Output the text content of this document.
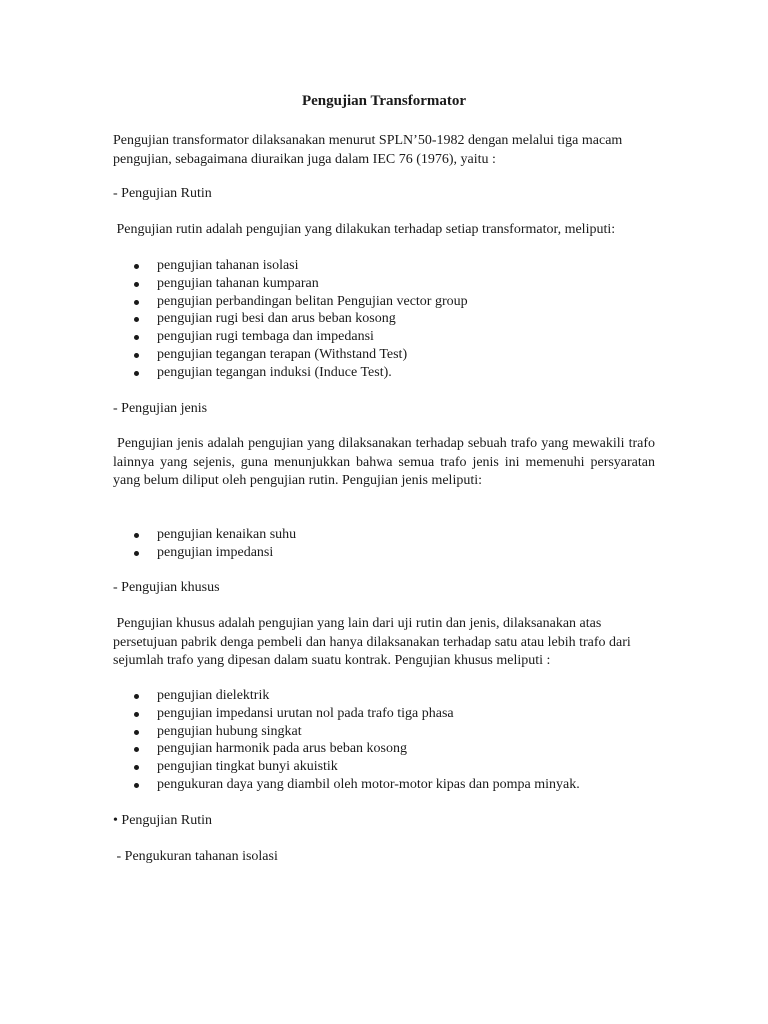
Pengujian Transformator

Pengujian transformator dilaksanakan menurut SPLN’50-1982 dengan melalui tiga macam pengujian, sebagaimana diuraikan juga dalam IEC 76 (1976), yaitu :

- Pengujian Rutin

Pengujian rutin adalah pengujian yang dilakukan terhadap setiap transformator, meliputi:

pengujian tahanan isolasi
pengujian tahanan kumparan
pengujian perbandingan belitan Pengujian vector group
pengujian rugi besi dan arus beban kosong
pengujian rugi tembaga dan impedansi
pengujian tegangan terapan (Withstand Test)
pengujian tegangan induksi (Induce Test).

- Pengujian jenis

Pengujian jenis adalah pengujian yang dilaksanakan terhadap sebuah trafo yang mewakili trafo lainnya yang sejenis, guna menunjukkan bahwa semua trafo jenis ini memenuhi persyaratan yang belum diliput oleh pengujian rutin. Pengujian jenis meliputi:

pengujian kenaikan suhu
pengujian impedansi

- Pengujian khusus

Pengujian khusus adalah pengujian yang lain dari uji rutin dan jenis, dilaksanakan atas persetujuan pabrik denga pembeli dan hanya dilaksanakan terhadap satu atau lebih trafo dari sejumlah trafo yang dipesan dalam suatu kontrak. Pengujian khusus meliputi :

pengujian dielektrik
pengujian impedansi urutan nol pada trafo tiga phasa
pengujian hubung singkat
pengujian harmonik pada arus beban kosong
pengujian tingkat bunyi akuistik
pengukuran daya yang diambil oleh motor-motor kipas dan pompa minyak.

• Pengujian Rutin

- Pengukuran tahanan isolasi
